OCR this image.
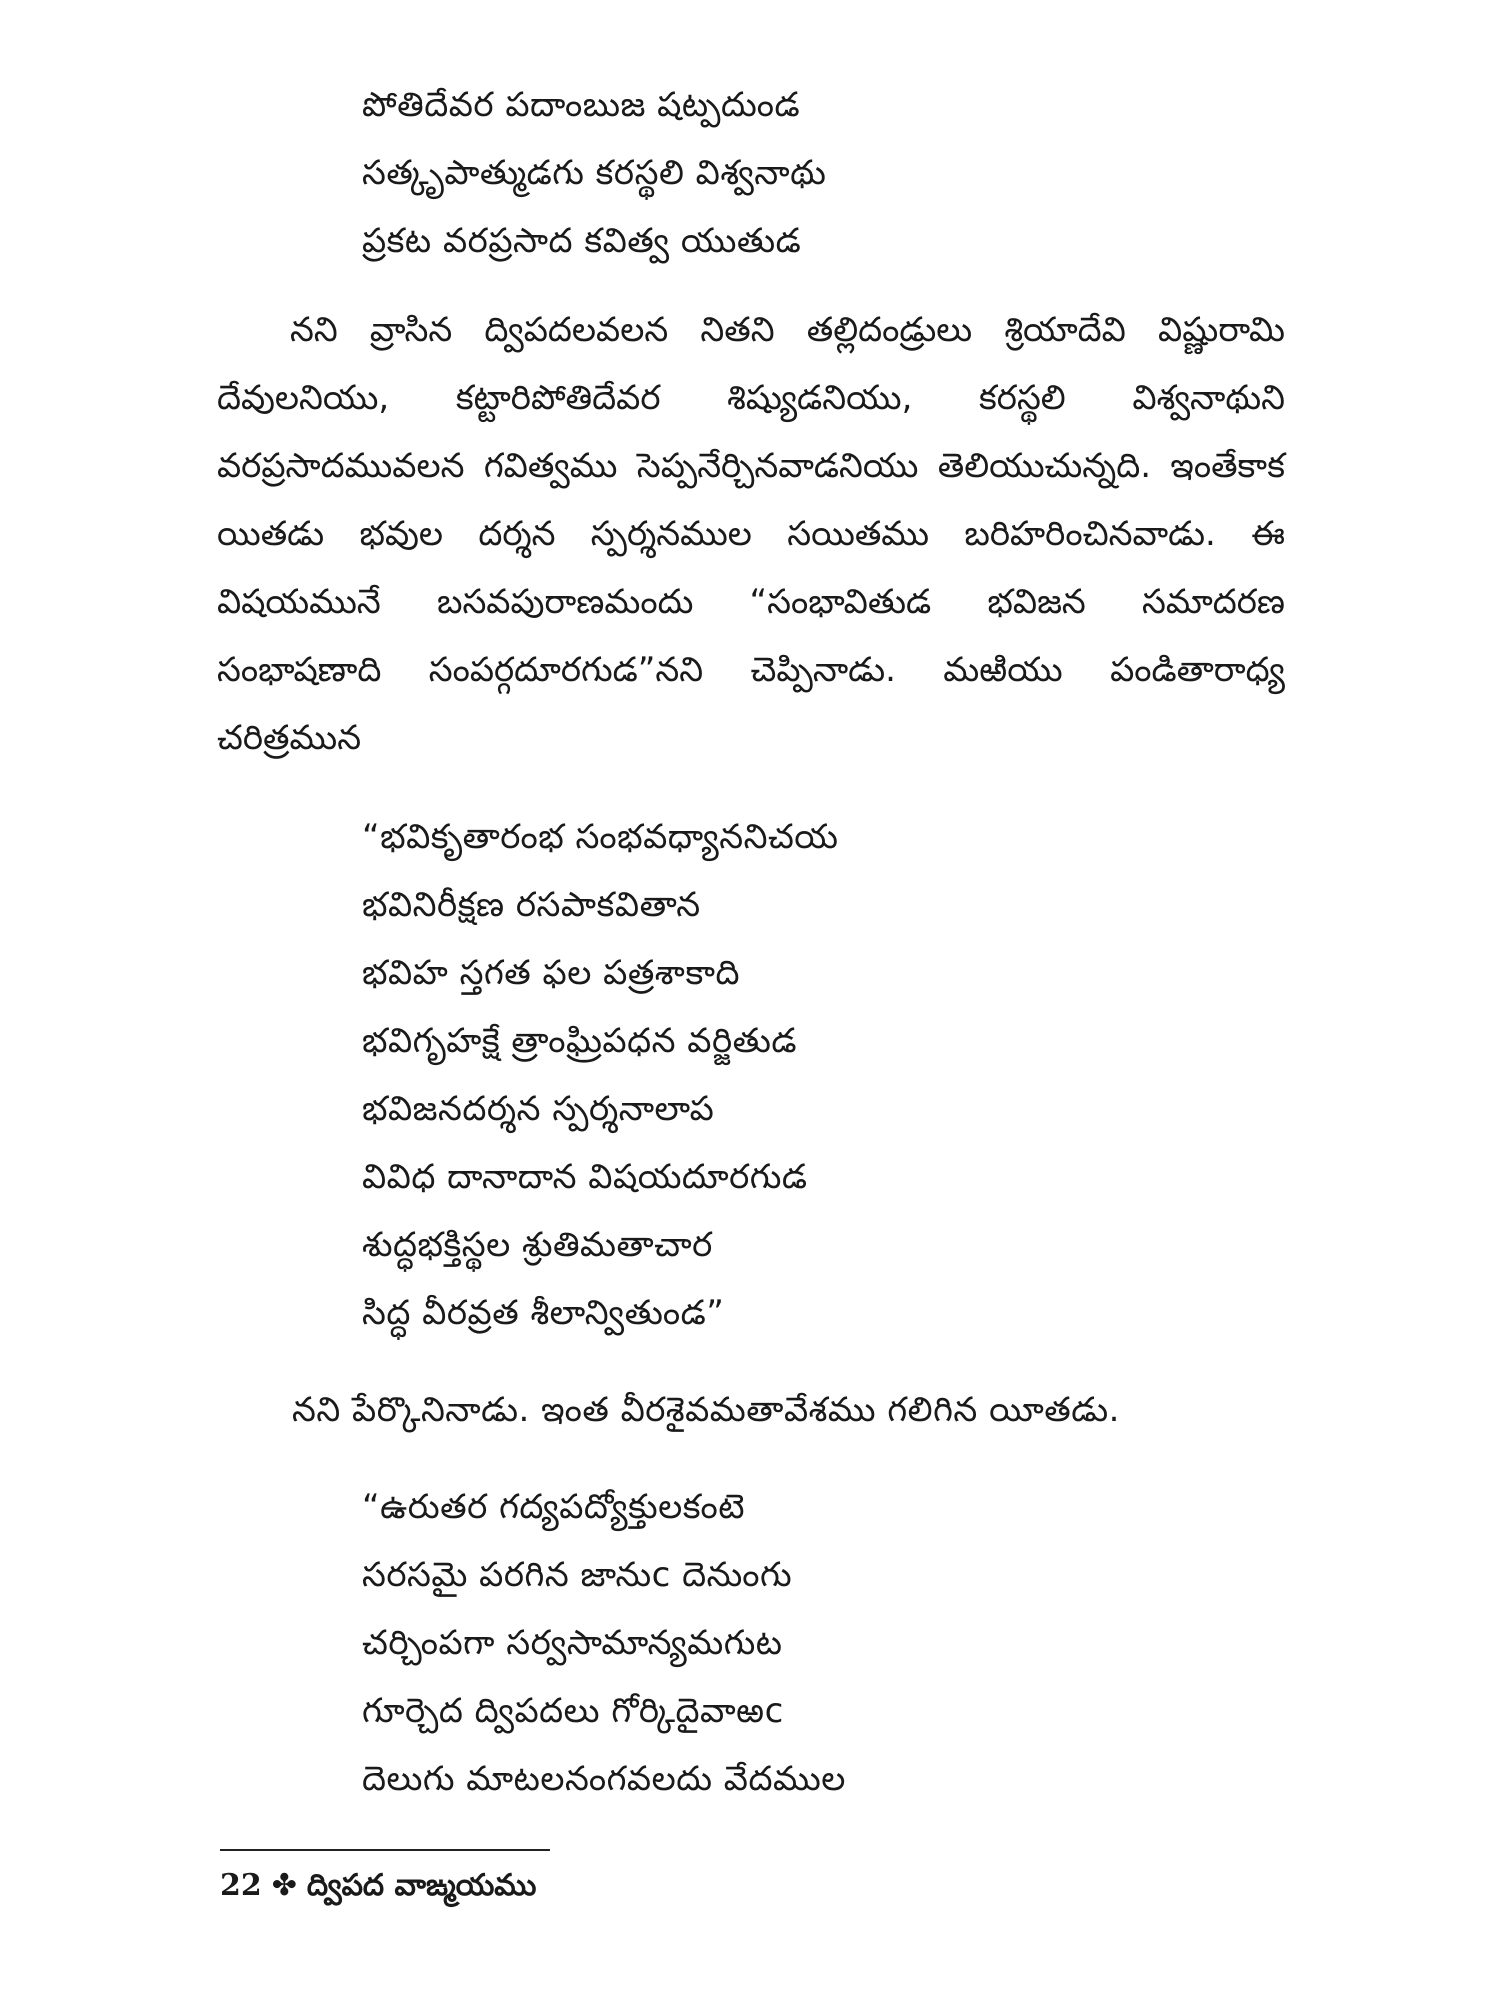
పోతిదేవర పదాంబుజ షట్పదుండ
సత్కృపాత్ముడగు కరస్థలి విశ్వనాథు
ప్రకట వరప్రసాద కవిత్వ యుతుడ
నని వ్రాసిన ద్విపదలవలన నితని తల్లిదండ్రులు శ్రియాదేవి విష్ణురామి
దేవులనియు, కట్టారిపోతిదేవర శిష్యుడనియు, కరస్థలి విశ్వనాథుని
వరప్రసాదమువలన గవిత్వము సెప్పనేర్చినవాడనియు తెలియుచున్నది. ఇంతేకాక
యితడు భవుల దర్శన స్పర్శనముల సయితము బరిహరించినవాడు. ఈ
విషయమునే బసవపురాణమందు “సంభావితుడ భవిజన సమాదరణ
సంభాషణాది సంపర్గదూరగుడ”నని చెప్పినాడు. మఱియు పండితారాధ్య
చరిత్రమున
“భవికృతారంభ సంభవధ్యాననిచయ
భవినిరీక్షణ రసపాకవితాన
భవిహ స్తగత ఫల పత్రశాకాది
భవిగృహక్షే త్రాంఘ్రిపధన వర్జితుడ
భవిజనదర్శన స్పర్శనాలాప
వివిధ దానాదాన విషయదూరగుడ
శుద్ధభక్తిస్థల శ్రుతిమతాచార
సిద్ధ వీరవ్రత శీలాన్వితుండ”
నని పేర్కొనినాడు. ఇంత వీరశైవమతావేశము గలిగిన యీతడు.
“ఉరుతర గద్యపద్యోక్తులకంటె
సరసమై పరగిన జానుc దెనుంగు
చర్చింపగా సర్వసామాన్యమగుట
గూర్చెద ద్విపదలు గోర్కిదైవాఱc
దెలుగు మాటలనంగవలదు వేదముల
22 ✤ ద్విపద వాఙ్మయము
